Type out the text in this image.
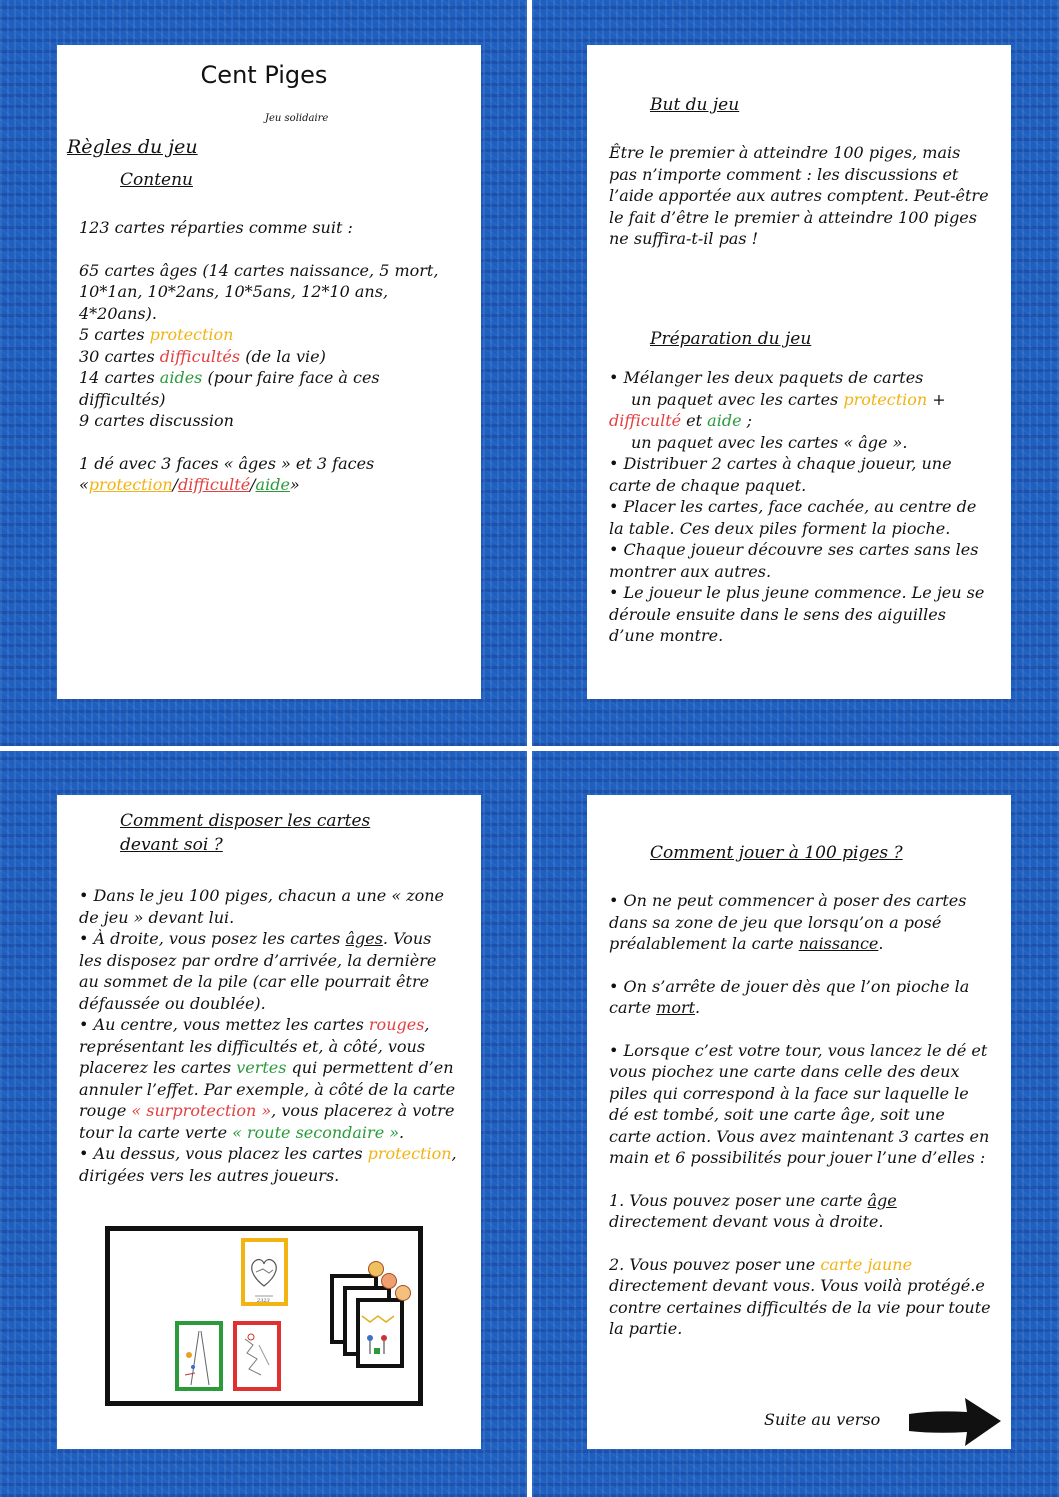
Cent Piges
Jeu solidaire
Règles du jeu
Contenu

123 cartes réparties comme suit :

65 cartes âges (14 cartes naissance, 5 mort, 10*1an, 10*2ans, 10*5ans, 12*10 ans, 4*20ans).

5 cartes protection

30 cartes difficultés (de la vie)

14 cartes aides (pour faire face à ces difficultés)

9 cartes discussion

1 dé avec 3 faces « âges » et 3 faces

«protection/difficulté/aide»

But du jeu

Être le premier à atteindre 100 piges, mais pas n’importe comment : les discussions et l’aide apportée aux autres comptent. Peut-être le fait d’être le premier à atteindre 100 piges ne suffira-t-il pas !

Préparation du jeu

• Mélanger les deux paquets de cartes

un paquet avec les cartes protection +

difficulté et aide ;

un paquet avec les cartes « âge ».

• Distribuer 2 cartes à chaque joueur, une carte de chaque paquet.

• Placer les cartes, face cachée, au centre de la table. Ces deux piles forment la pioche.

• Chaque joueur découvre ses cartes sans les montrer aux autres.

• Le joueur le plus jeune commence. Le jeu se déroule ensuite dans le sens des aiguilles d’une montre.

Comment disposer les cartes devant soi ?

• Dans le jeu 100 piges, chacun a une « zone de jeu » devant lui.

• À droite, vous posez les cartes âges. Vous les disposez par ordre d’arrivée, la dernière au sommet de la pile (car elle pourrait être défaussée ou doublée).

• Au centre, vous mettez les cartes rouges, représentant les difficultés et, à côté, vous placerez les cartes vertes qui permettent d’en annuler l’effet. Par exemple, à côté de la carte rouge « surprotection », vous placerez à votre tour la carte verte « route secondaire ».

• Au dessus, vous placez les cartes protection, dirigées vers les autres joueurs.

2323
Comment jouer à 100 piges ?

• On ne peut commencer à poser des cartes dans sa zone de jeu que lorsqu’on a posé préalablement la carte naissance.

• On s’arrête de jouer dès que l’on pioche la carte mort.

• Lorsque c’est votre tour, vous lancez le dé et vous piochez une carte dans celle des deux piles qui correspond à la face sur laquelle le dé est tombé, soit une carte âge, soit une carte action. Vous avez maintenant 3 cartes en main et 6 possibilités pour jouer l’une d’elles :

1. Vous pouvez poser une carte âge directement devant vous à droite.

2. Vous pouvez poser une carte jaune directement devant vous. Vous voilà protégé.e contre certaines difficultés de la vie pour toute la partie.

Suite au verso
